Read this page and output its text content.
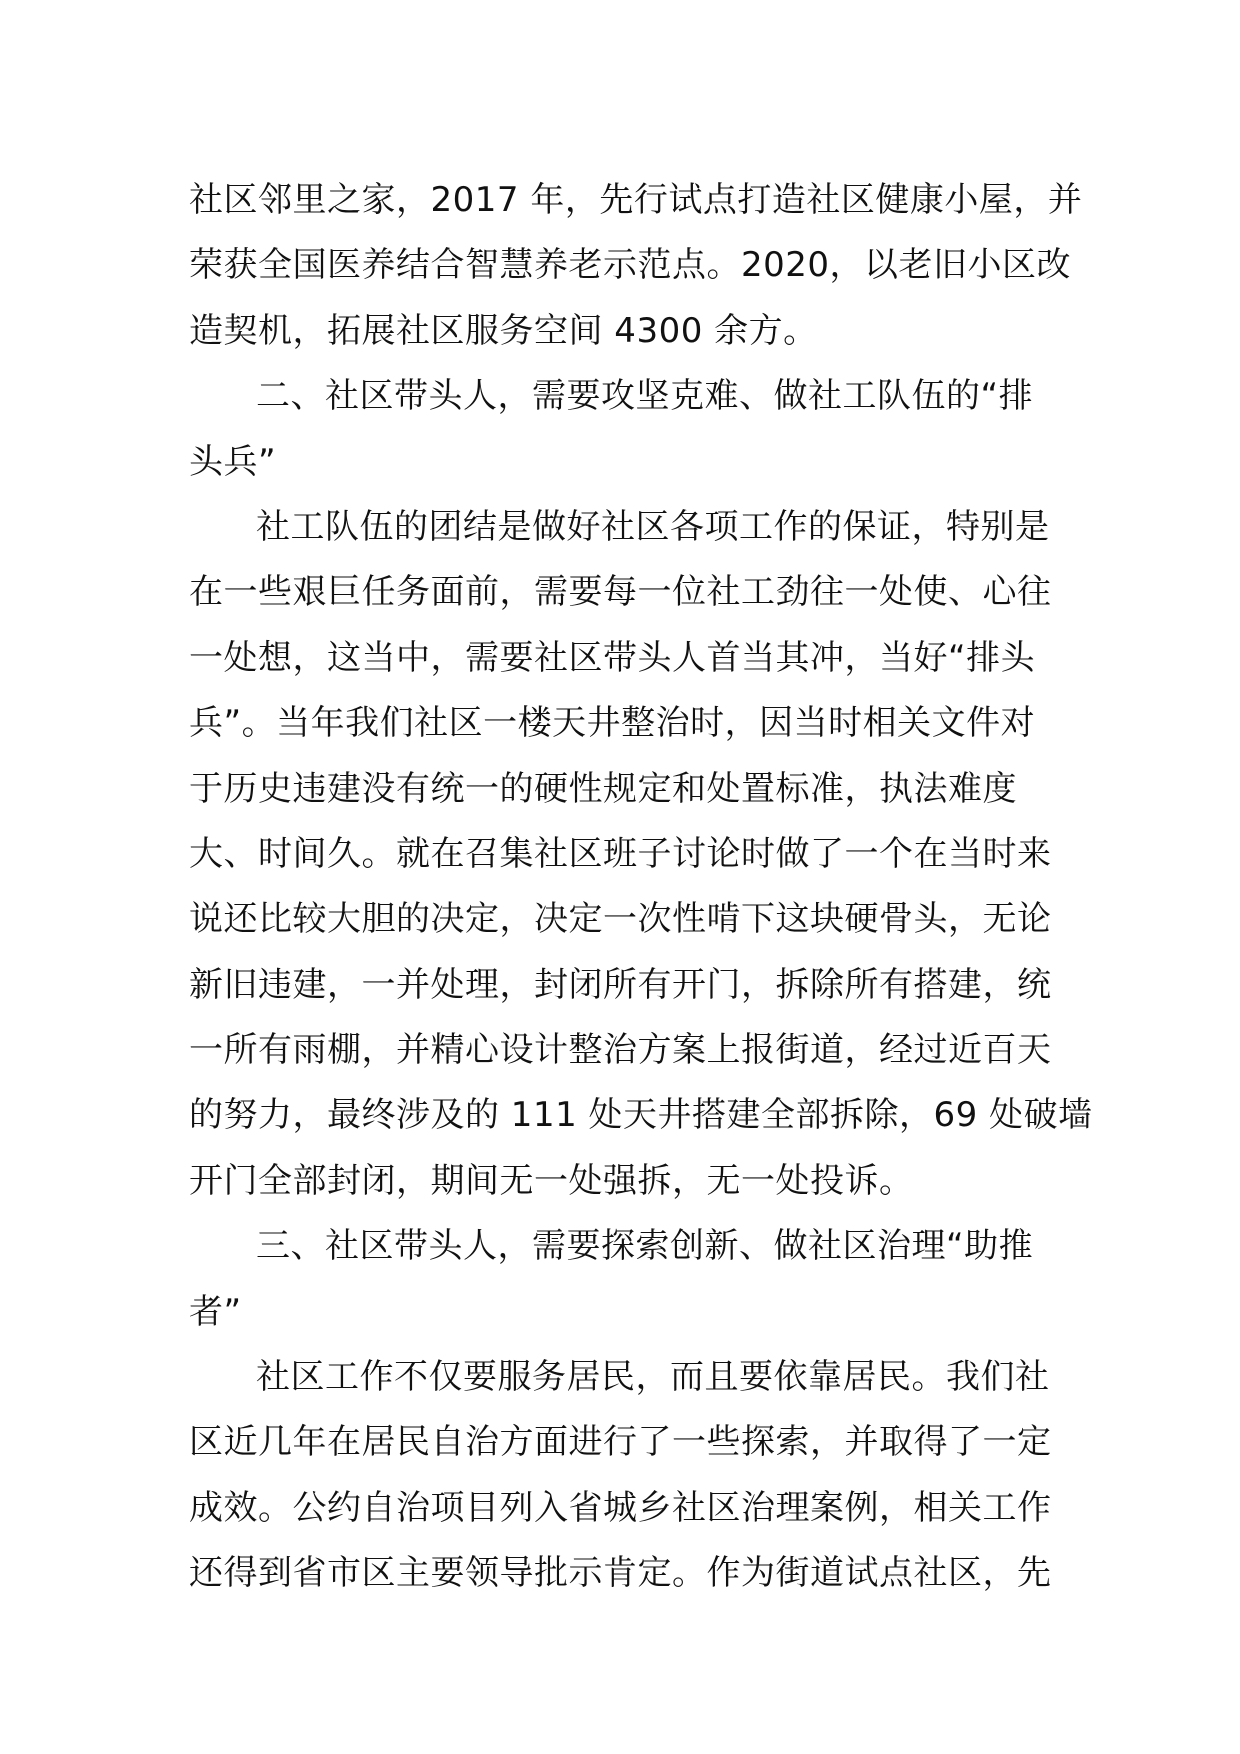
社区邻里之家，2017 年，先行试点打造社区健康小屋，并
荣获全国医养结合智慧养老示范点。2020，以老旧小区改
造契机，拓展社区服务空间 4300 余方。
二、社区带头人，需要攻坚克难、做社工队伍的“排
头兵”
社工队伍的团结是做好社区各项工作的保证，特别是
在一些艰巨任务面前，需要每一位社工劲往一处使、心往
一处想，这当中，需要社区带头人首当其冲，当好“排头
兵”。当年我们社区一楼天井整治时，因当时相关文件对
于历史违建没有统一的硬性规定和处置标准，执法难度
大、时间久。就在召集社区班子讨论时做了一个在当时来
说还比较大胆的决定，决定一次性啃下这块硬骨头，无论
新旧违建，一并处理，封闭所有开门，拆除所有搭建，统
一所有雨棚，并精心设计整治方案上报街道，经过近百天
的努力，最终涉及的 111 处天井搭建全部拆除，69 处破墙
开门全部封闭，期间无一处强拆，无一处投诉。
三、社区带头人，需要探索创新、做社区治理“助推
者”
社区工作不仅要服务居民，而且要依靠居民。我们社
区近几年在居民自治方面进行了一些探索，并取得了一定
成效。公约自治项目列入省城乡社区治理案例，相关工作
还得到省市区主要领导批示肯定。作为街道试点社区，先
